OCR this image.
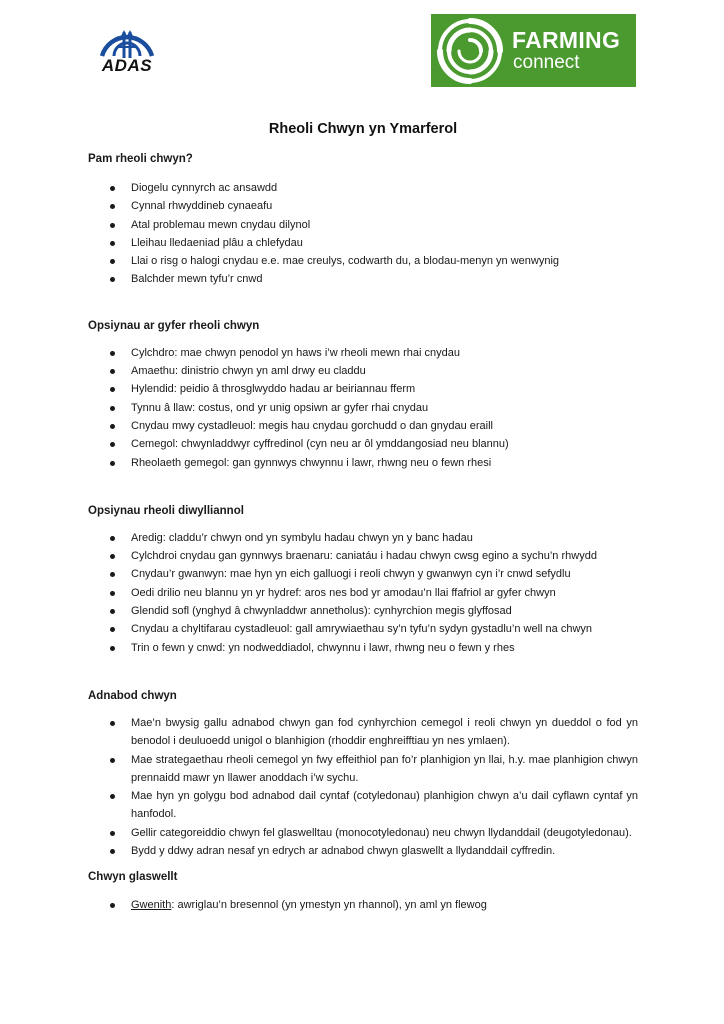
ADAS
FARMING
connect
Rheoli Chwyn yn Ymarferol

Pam rheoli chwyn?

Diogelu cynnyrch ac ansawdd
Cynnal rhwyddineb cynaeafu
Atal problemau mewn cnydau dilynol
Lleihau lledaeniad plâu a chlefydau
Llai o risg o halogi cnydau e.e. mae creulys, codwarth du, a blodau-menyn yn wenwynig
Balchder mewn tyfu’r cnwd

Opsiynau ar gyfer rheoli chwyn

Cylchdro: mae chwyn penodol yn haws i’w rheoli mewn rhai cnydau
Amaethu: dinistrio chwyn yn aml drwy eu claddu
Hylendid: peidio â throsglwyddo hadau ar beiriannau fferm
Tynnu â llaw: costus, ond yr unig opsiwn ar gyfer rhai cnydau
Cnydau mwy cystadleuol: megis hau cnydau gorchudd o dan gnydau eraill
Cemegol: chwynladdwyr cyffredinol (cyn neu ar ôl ymddangosiad neu blannu)
Rheolaeth gemegol: gan gynnwys chwynnu i lawr, rhwng neu o fewn rhesi

Opsiynau rheoli diwylliannol

Aredig: claddu’r chwyn ond yn symbylu hadau chwyn yn y banc hadau
Cylchdroi cnydau gan gynnwys braenaru: caniatáu i hadau chwyn cwsg egino a sychu’n rhwydd
Cnydau’r gwanwyn: mae hyn yn eich galluogi i reoli chwyn y gwanwyn cyn i’r cnwd sefydlu
Oedi drilio neu blannu yn yr hydref: aros nes bod yr amodau’n llai ffafriol ar gyfer chwyn
Glendid sofl (ynghyd â chwynladdwr annetholus): cynhyrchion megis glyffosad
Cnydau a chyltifarau cystadleuol: gall amrywiaethau sy’n tyfu’n sydyn gystadlu’n well na chwyn
Trin o fewn y cnwd: yn nodweddiadol, chwynnu i lawr, rhwng neu o fewn y rhes

Adnabod chwyn

Mae’n bwysig gallu adnabod chwyn gan fod cynhyrchion cemegol i reoli chwyn yn dueddol o fod yn benodol i deuluoedd unigol o blanhigion (rhoddir enghreifftiau yn nes ymlaen).
Mae strategaethau rheoli cemegol yn fwy effeithiol pan fo’r planhigion yn llai, h.y. mae planhigion chwyn prennaidd mawr yn llawer anoddach i’w sychu.
Mae hyn yn golygu bod adnabod dail cyntaf (cotyledonau) planhigion chwyn a’u dail cyflawn cyntaf yn hanfodol.
Gellir categoreiddio chwyn fel glaswelltau (monocotyledonau) neu chwyn llydanddail (deugotyledonau).
Bydd y ddwy adran nesaf yn edrych ar adnabod chwyn glaswellt a llydanddail cyffredin.

Chwyn glaswellt

Gwenith: awriglau’n bresennol (yn ymestyn yn rhannol), yn aml yn flewog
